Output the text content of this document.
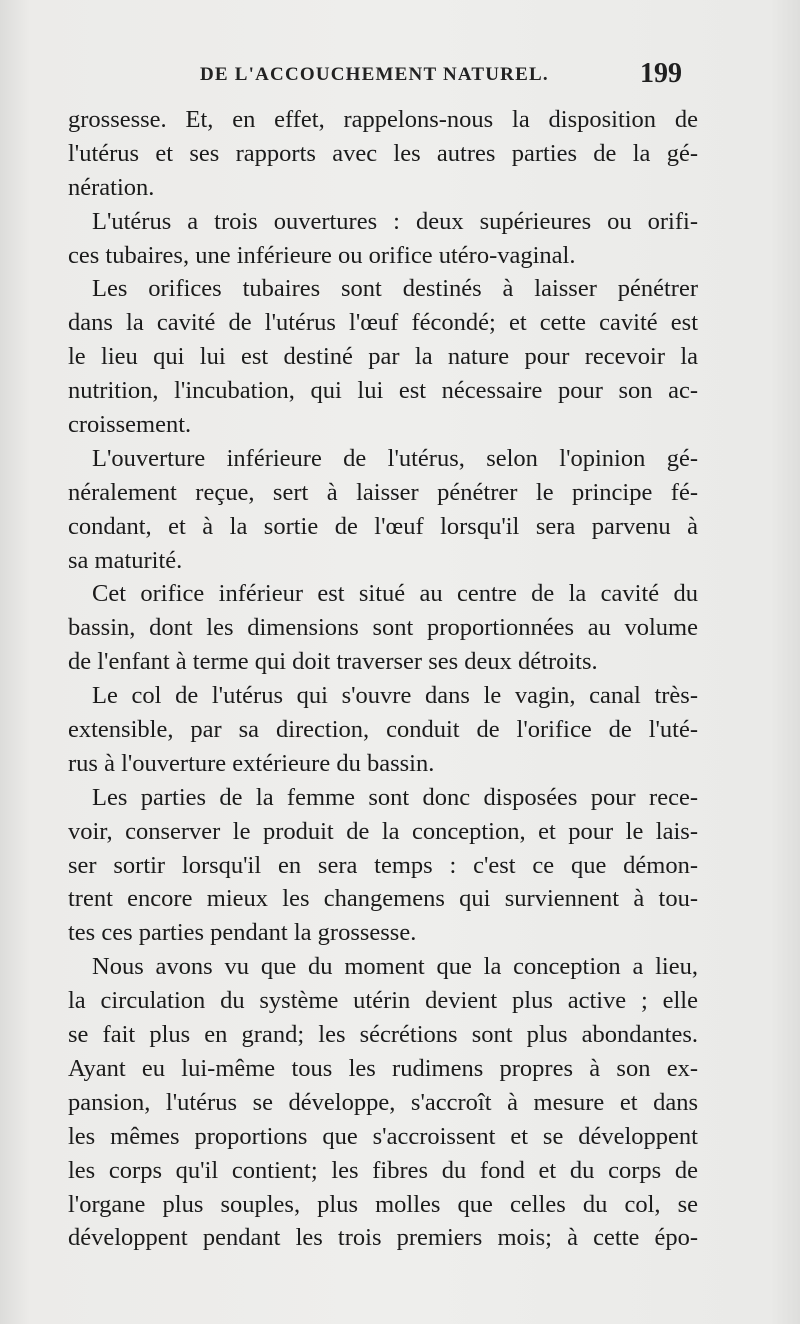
DE L'ACCOUCHEMENT NATUREL.	199
grossesse. Et, en effet, rappelons-nous la disposition de
l'utérus et ses rapports avec les autres parties de la gé-
nération.
L'utérus a trois ouvertures : deux supérieures ou orifi-
ces tubaires, une inférieure ou orifice utéro-vaginal.
Les orifices tubaires sont destinés à laisser pénétrer
dans la cavité de l'utérus l'œuf fécondé; et cette cavité est
le lieu qui lui est destiné par la nature pour recevoir la
nutrition, l'incubation, qui lui est nécessaire pour son ac-
croissement.
L'ouverture inférieure de l'utérus, selon l'opinion gé-
néralement reçue, sert à laisser pénétrer le principe fé-
condant, et à la sortie de l'œuf lorsqu'il sera parvenu à
sa maturité.
Cet orifice inférieur est situé au centre de la cavité du
bassin, dont les dimensions sont proportionnées au volume
de l'enfant à terme qui doit traverser ses deux détroits.
Le col de l'utérus qui s'ouvre dans le vagin, canal très-
extensible, par sa direction, conduit de l'orifice de l'uté-
rus à l'ouverture extérieure du bassin.
Les parties de la femme sont donc disposées pour rece-
voir, conserver le produit de la conception, et pour le lais-
ser sortir lorsqu'il en sera temps : c'est ce que démon-
trent encore mieux les changemens qui surviennent à tou-
tes ces parties pendant la grossesse.
Nous avons vu que du moment que la conception a lieu,
la circulation du système utérin devient plus active ; elle
se fait plus en grand; les sécrétions sont plus abondantes.
Ayant eu lui-même tous les rudimens propres à son ex-
pansion, l'utérus se développe, s'accroît à mesure et dans
les mêmes proportions que s'accroissent et se développent
les corps qu'il contient; les fibres du fond et du corps de
l'organe plus souples, plus molles que celles du col, se
développent pendant les trois premiers mois; à cette épo-
